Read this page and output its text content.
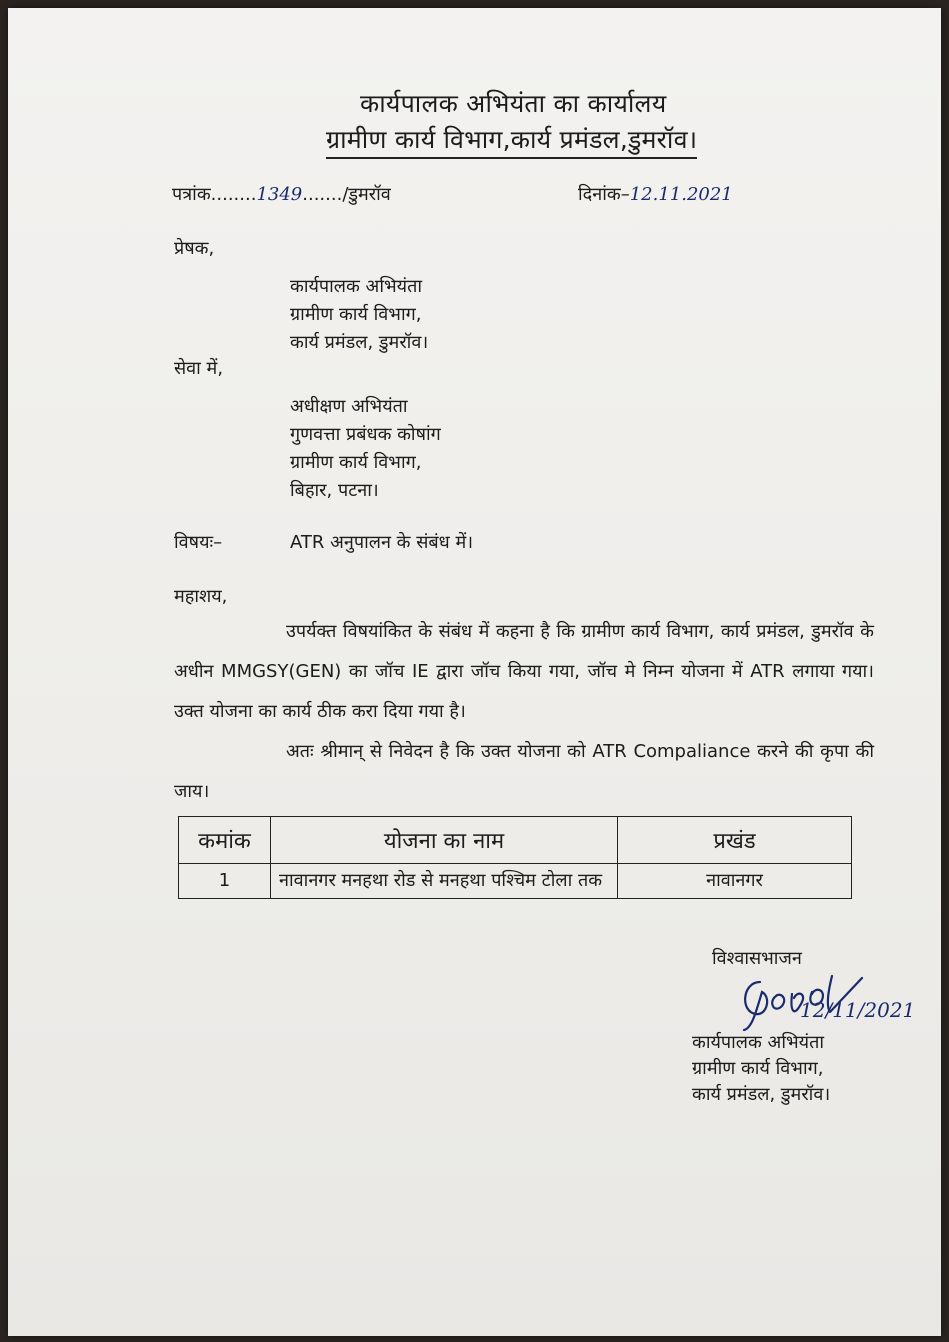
कार्यपालक अभियंता का कार्यालय
ग्रामीण कार्य विभाग,कार्य प्रमंडल,डुमरॉव।
पत्रांक........1349......./डुमरॉव	दिनांक–12.11.2021
प्रेषक,
कार्यपालक अभियंता
ग्रामीण कार्य विभाग,
कार्य प्रमंडल, डुमरॉव।
सेवा में,
अधीक्षण अभियंता
गुणवत्ता प्रबंधक कोषांग
ग्रामीण कार्य विभाग,
बिहार, पटना।
विषयः–	ATR अनुपालन के संबंध में।
महाशय,

उपर्यक्त विषयांकित के संबंध में कहना है कि ग्रामीण कार्य विभाग, कार्य प्रमंडल, डुमरॉव के अधीन MMGSY(GEN) का जॉच IE द्वारा जॉच किया गया, जॉच मे निम्न योजना में ATR लगाया गया। उक्त योजना का कार्य ठीक करा दिया गया है।

अतः श्रीमान् से निवेदन है कि उक्त योजना को ATR Compaliance करने की कृपा की जाय।

कमांक	योजना का नाम	प्रखंड
1	नावानगर मनहथा रोड से मनहथा पश्चिम टोला तक	नावानगर
विश्वासभाजन
12/11/2021
कार्यपालक अभियंता
ग्रामीण कार्य विभाग,
कार्य प्रमंडल, डुमरॉव।
